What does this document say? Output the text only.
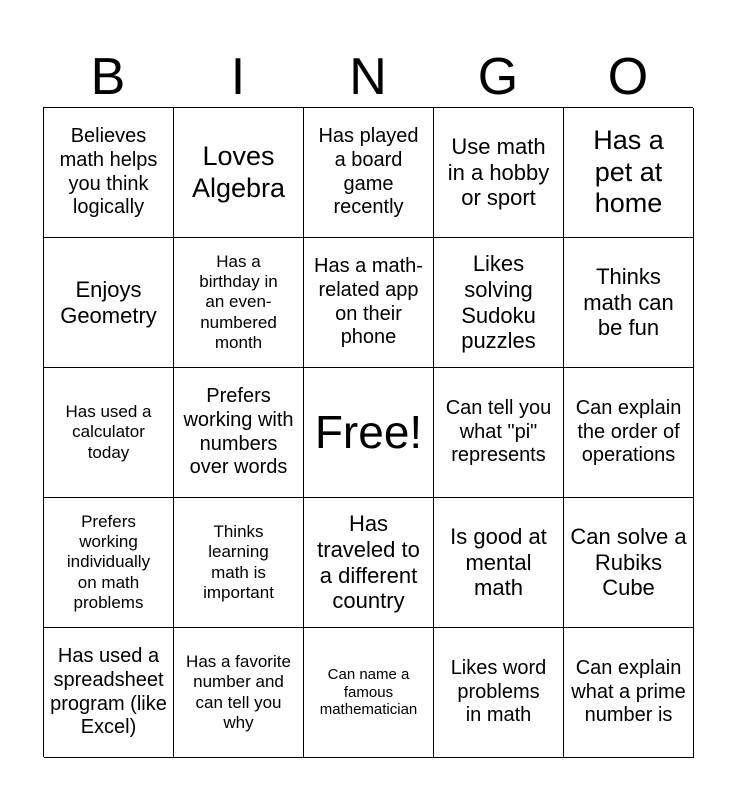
B	I	N	G	O
Believes math helps you think logically
Loves Algebra
Has played a board game recently
Use math in a hobby or sport
Has a pet at home
Enjoys Geometry
Has a birthday in an even-numbered month
Has a math-related app on their phone
Likes solving Sudoku puzzles
Thinks math can be fun
Has used a calculator today
Prefers working with numbers over words
Free! Can tell you what "pi" represents
Can explain the order of operations
Prefers working individually on math problems
Thinks learning math is important
Has traveled to a different country
Is good at mental math
Can solve a Rubiks Cube
Has used a spreadsheet program (like Excel)
Has a favorite number and can tell you why
Can name a famous mathematician
Likes word problems in math
Can explain what a prime number is
